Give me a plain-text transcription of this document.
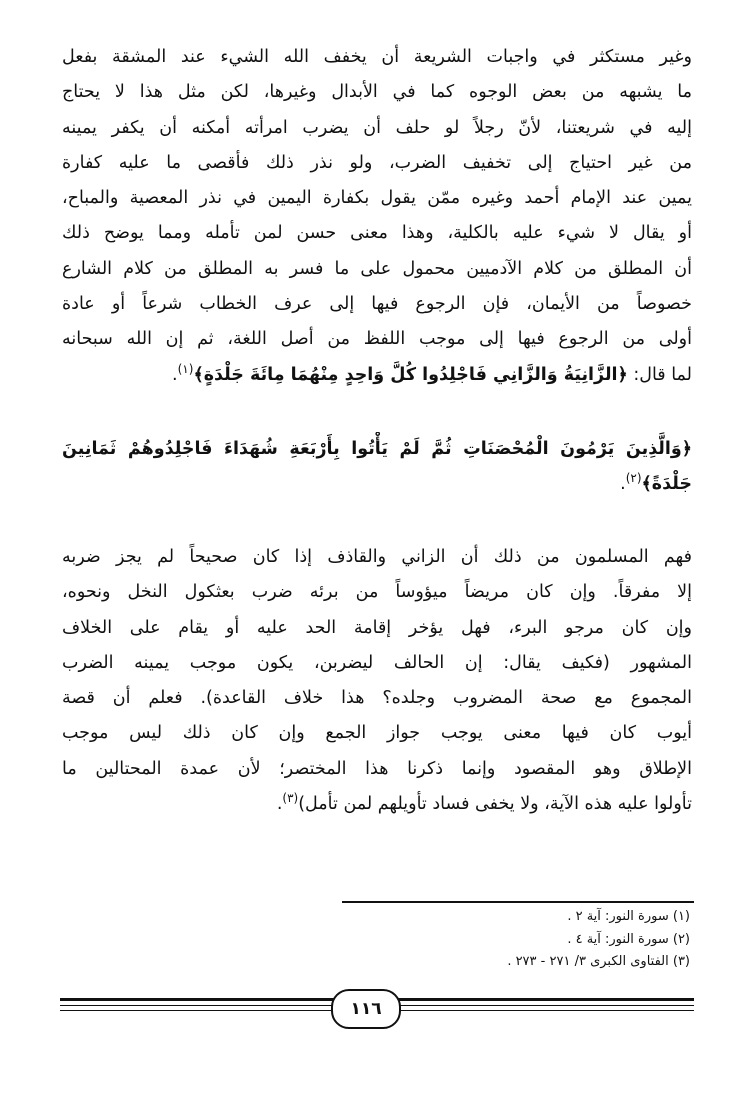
وغير مستكثر في واجبات الشريعة أن يخفف الله الشيء عند المشقة بفعل
ما يشبهه من بعض الوجوه كما في الأبدال وغيرها، لكن مثل هذا لا يحتاج
إليه في شريعتنا، لأنّ رجلاً لو حلف أن يضرب امرأته أمكنه أن يكفر يمينه
من غير احتياج إلى تخفيف الضرب، ولو نذر ذلك فأقصى ما عليه كفارة
يمين عند الإمام أحمد وغيره ممّن يقول بكفارة اليمين في نذر المعصية والمباح،
أو يقال لا شيء عليه بالكلية، وهذا معنى حسن لمن تأمله ومما يوضح ذلك
أن المطلق من كلام الآدميين محمول على ما فسر به المطلق من كلام الشارع
خصوصاً من الأيمان، فإن الرجوع فيها إلى عرف الخطاب شرعاً أو عادة
أولى من الرجوع فيها إلى موجب اللفظ من أصل اللغة، ثم إن الله سبحانه
لما قال: ﴿الزَّانِيَةُ وَالزَّانِي فَاجْلِدُوا كُلَّ وَاحِدٍ مِنْهُمَا مِائَةَ جَلْدَةٍ﴾$^{(١)}$.
﴿وَالَّذِينَ يَرْمُونَ الْمُحْصَنَاتِ ثُمَّ لَمْ يَأْتُوا بِأَرْبَعَةِ شُهَدَاءَ فَاجْلِدُوهُمْ ثَمَانِينَ
جَلْدَةً﴾$^{(٢)}$.
فهم المسلمون من ذلك أن الزاني والقاذف إذا كان صحيحاً لم يجز ضربه
إلا مفرقاً. وإن كان مريضاً ميؤوساً من برئه ضرب بعثكول النخل ونحوه،
وإن كان مرجو البرء، فهل يؤخر إقامة الحد عليه أو يقام على الخلاف
المشهور (فكيف يقال: إن الحالف ليضربن، يكون موجب يمينه الضرب
المجموع مع صحة المضروب وجلده؟ هذا خلاف القاعدة). فعلم أن قصة
أيوب كان فيها معنى يوجب جواز الجمع وإن كان ذلك ليس موجب
الإطلاق وهو المقصود وإنما ذكرنا هذا المختصر؛ لأن عمدة المحتالين ما
تأولوا عليه هذه الآية، ولا يخفى فساد تأويلهم لمن تأمل)$^{(٣)}$.
(١) سورة النور: آية ٢ .
(٢) سورة النور: آية ٤ .
(٣) الفتاوى الكبرى ٣/ ٢٧١ - ٢٧٣ .
١١٦
